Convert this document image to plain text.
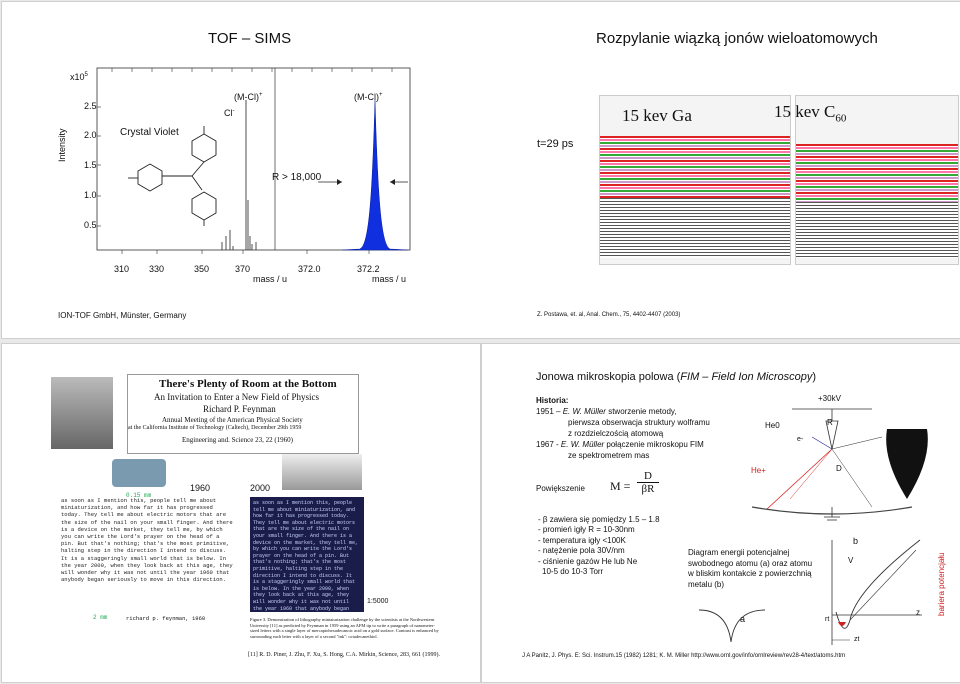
TOF – SIMS	Rozpylanie wiązką jonów wieloatomowych
$x10^5$
Intensity
2.5
2.0
1.5
1.0
0.5
Crystal Violet
Cl-
(M-Cl)+	(M-Cl)+
R > 18,000
310 330	350	370	372.0	372.2
mass / u	mass / u
t=29 ps
15 kev Ga	15 kev $C_{60}$
ION-TOF GmbH, Münster, Germany	Z. Postawa, et. al, Anal. Chem., 75, 4402-4407 (2003)
There's Plenty of Room at the Bottom
An Invitation to Enter a New Field of Physics
Richard P. Feynman
Annual Meeting of the American Physical Society
at the California Institute of Technology (Caltech), December 29th 1959
Engineering and. Science 23, 22 (1960)
1960	2000
0.15 mm
as soon as I mention this, people tell me about miniaturization, and how far it has progressed today. They tell me about electric motors that are the size of the nail on your small finger. And there is a device on the market, they tell me, by which you can write the Lord's prayer on the head of a pin. But that's nothing; that's the most primitive, halting step in the direction I intend to discuss. It is a staggeringly small world that is below. In the year 2000, when they look back at this age, they will wonder why it was not until the year 1960 that anybody began seriously to move in this direction.
2 mm	richard p. feynman, 1960
as soon as I mention this, people tell me about miniaturization, and how far it has progressed today. They tell me about electric motors that are the size of the nail on your small finger. And there is a device on the market, they tell me, by which you can write the Lord's prayer on the head of a pin. But that's nothing; that's the most primitive, halting step in the direction I intend to discuss. It is a staggeringly small world that is below. In the year 2000, when they look back at this age, they will wonder why it was not until the year 1960 that anybody began
1:5000
Figure 3. Demonstration of lithography miniaturization challenge by the scientists at the Northwestern University [11] as predicted by Feynman in 1959 using an AFM tip to write a paragraph of nanometer-sized letters with a single layer of mercaptohexadecanoic acid on a gold surface. Contrast is enhanced by surrounding each letter with a layer of a second "ink": octadecanethiol.
[11] R. D. Piner, J. Zhu, F. Xu, S. Hong, C.A. Mirkin, Science, 283, 661 (1999).
Jonowa mikroskopia polowa (FIM – Field Ion Microscopy)
Historia:
1951 – E. W. Müller stworzenie metody,
pierwsza obserwacja struktury wolframu
z rozdzielczością atomową
1967 - E. W. Müller połączenie mikroskopu FIM
ze spektrometrem mas
Powiększenie $M = \frac{D}{\beta R}$
- β zawiera się pomiędzy 1.5 – 1.8
- promień igły R = 10-30nm
- temperatura igły <100K
- natężenie pola 30V/nm
- ciśnienie gazów He lub Ne
10-5 do 10-3 Torr
+30kV
He0
He+
e-
R
D
Diagram energii potencjalnej
swobodnego atomu (a) oraz atomu
w bliskim kontakcie z powierzchnią
metalu (b)
a
b
V
z
rt
zt
bariera potencjału
J A Panitz, J. Phys. E: Sci. Instrum.15 (1982) 1281; K. M. Miller http://www.ornl.gov/info/ornlreview/rev28-4/text/atoms.htm
